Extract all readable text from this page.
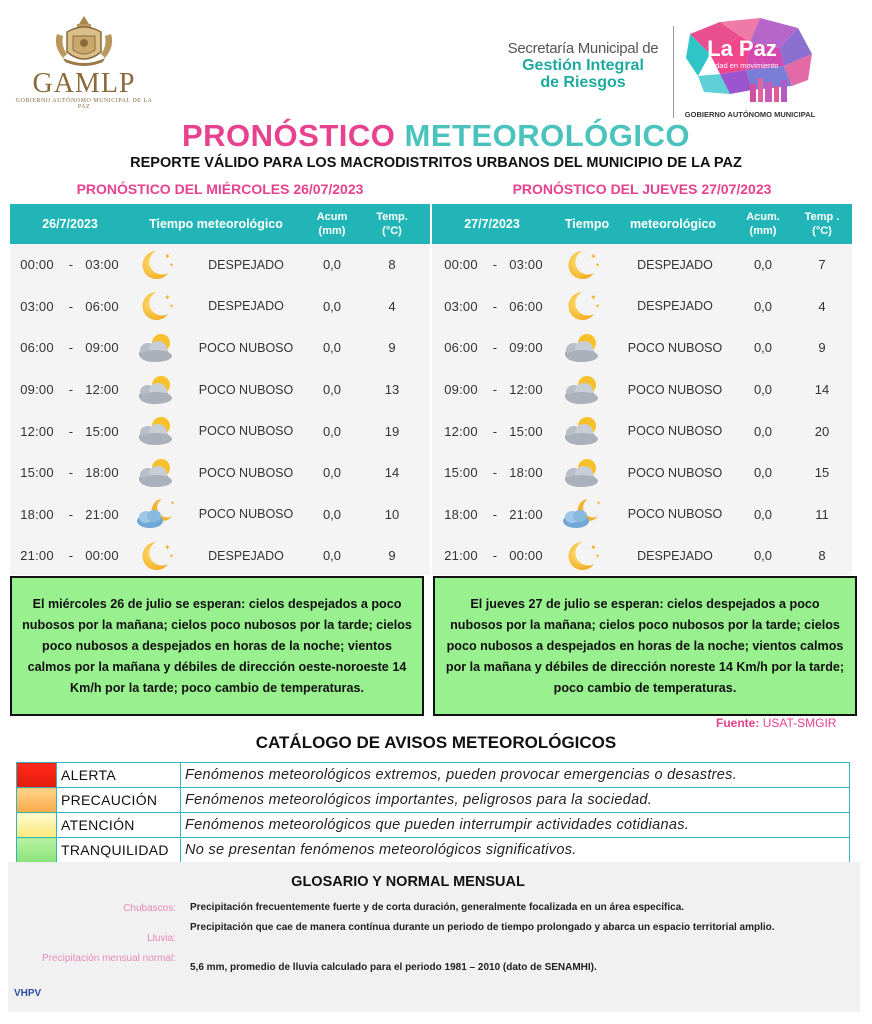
GAMLP
GOBIERNO AUTÓNOMO MUNICIPAL DE LA PAZ
Secretaría Municipal de
Gestión Integral
de Riesgos
La Paz
ciudad en movimiento
GOBIERNO AUTÓNOMO MUNICIPAL
PRONÓSTICO METEOROLÓGICO
REPORTE VÁLIDO PARA LOS MACRODISTRITOS URBANOS DEL MUNICIPIO DE LA PAZ
PRONÓSTICO DEL MIÉRCOLES 26/07/2023
26/7/2023	Tiempo meteorológico	Acum
(mm)
Temp.
(°C)
00:00	- 03:00
✦
✦	DESPEJADO	0,0	8
03:00	- 06:00
✦
✦	DESPEJADO	0,0	4
06:00	- 09:00	POCO NUBOSO	0,0	9
09:00	- 12:00	POCO NUBOSO	0,0	13
12:00	- 15:00	POCO NUBOSO	0,0	19
15:00	- 18:00	POCO NUBOSO	0,0	14
18:00	- 21:00
✦
POCO NUBOSO	0,0	10
21:00	- 00:00
✦
✦	DESPEJADO	0,0	9
PRONÓSTICO DEL JUEVES 27/07/2023
27/7/2023	Tiempo	meteorológico	Acum.
(mm)
Temp .
(°C)
00:00	- 03:00
✦
✦	DESPEJADO	0,0	7
03:00	- 06:00
✦
✦	DESPEJADO	0,0	4
06:00	- 09:00	POCO NUBOSO	0,0	9
09:00	- 12:00	POCO NUBOSO	0,0	14
12:00	- 15:00	POCO NUBOSO	0,0	20
15:00	- 18:00	POCO NUBOSO	0,0	15
18:00	- 21:00
✦
POCO NUBOSO	0,0	11
21:00	- 00:00
✦
✦	DESPEJADO	0,0	8
El miércoles 26 de julio se esperan: cielos despejados a poco nubosos por la mañana; cielos poco nubosos por la tarde; cielos poco nubosos a despejados en horas de la noche; vientos calmos por la mañana y débiles de dirección oeste-noroeste 14 Km/h por la tarde; poco cambio de temperaturas.
El jueves 27 de julio se esperan: cielos despejados a poco nubosos por la mañana; cielos poco nubosos por la tarde; cielos poco nubosos a despejados en horas de la noche; vientos calmos por la mañana y débiles de dirección noreste 14 Km/h por la tarde; poco cambio de temperaturas.
Fuente: USAT-SMGIR
CATÁLOGO DE AVISOS METEOROLÓGICOS
	ALERTA	Fenómenos meteorológicos extremos, pueden provocar emergencias o desastres.
	PRECAUCIÓN	Fenómenos meteorológicos importantes, peligrosos para la sociedad.
	ATENCIÓN	Fenómenos meteorológicos que pueden interrumpir actividades cotidianas.
	TRANQUILIDAD	No se presentan fenómenos meteorológicos significativos.
GLOSARIO Y NORMAL MENSUAL
Chubascos: Precipitación frecuentemente fuerte y de corta duración, generalmente focalizada en un área específica.
Lluvia:
Precipitación que cae de manera contínua durante un periodo de tiempo prolongado y abarca un espacio territorial amplio.
Precipitación mensual normal:
5,6 mm, promedio de lluvia calculado para el periodo 1981 – 2010 (dato de SENAMHI).
VHPV
